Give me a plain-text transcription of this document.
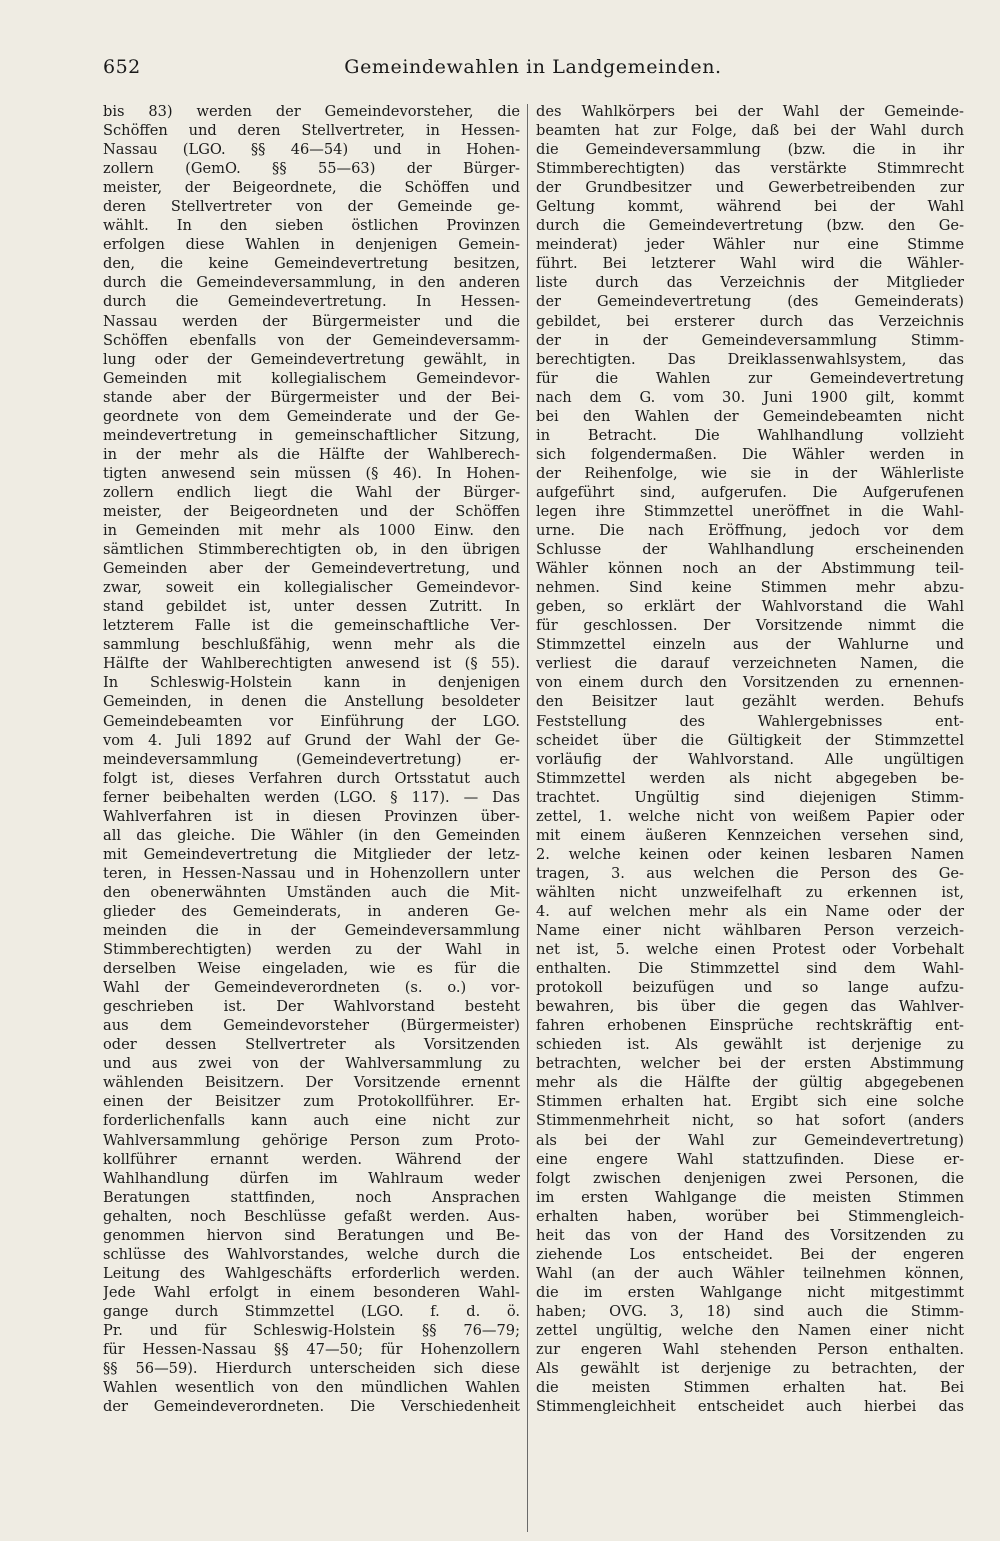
652	Gemeindewahlen in Landgemeinden.
bis 83) werden der Gemeindevorsteher, die
Schöffen und deren Stellvertreter, in Hessen-
Nassau (LGO. §§ 46—54) und in Hohen-
zollern (GemO. §§ 55—63) der Bürger-
meister, der Beigeordnete, die Schöffen und
deren Stellvertreter von der Gemeinde ge-
wählt. In den sieben östlichen Provinzen
erfolgen diese Wahlen in denjenigen Gemein-
den, die keine Gemeindevertretung besitzen,
durch die Gemeindeversammlung, in den anderen
durch die Gemeindevertretung. In Hessen-
Nassau werden der Bürgermeister und die
Schöffen ebenfalls von der Gemeindeversamm-
lung oder der Gemeindevertretung gewählt, in
Gemeinden mit kollegialischem Gemeindevor-
stande aber der Bürgermeister und der Bei-
geordnete von dem Gemeinderate und der Ge-
meindevertretung in gemeinschaftlicher Sitzung,
in der mehr als die Hälfte der Wahlberech-
tigten anwesend sein müssen (§ 46). In Hohen-
zollern endlich liegt die Wahl der Bürger-
meister, der Beigeordneten und der Schöffen
in Gemeinden mit mehr als 1000 Einw. den
sämtlichen Stimmberechtigten ob, in den übrigen
Gemeinden aber der Gemeindevertretung, und
zwar, soweit ein kollegialischer Gemeindevor-
stand gebildet ist, unter dessen Zutritt. In
letzterem Falle ist die gemeinschaftliche Ver-
sammlung beschlußfähig, wenn mehr als die
Hälfte der Wahlberechtigten anwesend ist (§ 55).
In Schleswig-Holstein kann in denjenigen
Gemeinden, in denen die Anstellung besoldeter
Gemeindebeamten vor Einführung der LGO.
vom 4. Juli 1892 auf Grund der Wahl der Ge-
meindeversammlung (Gemeindevertretung) er-
folgt ist, dieses Verfahren durch Ortsstatut auch
ferner beibehalten werden (LGO. § 117). — Das
Wahlverfahren ist in diesen Provinzen über-
all das gleiche. Die Wähler (in den Gemeinden
mit Gemeindevertretung die Mitglieder der letz-
teren, in Hessen-Nassau und in Hohenzollern unter
den obenerwähnten Umständen auch die Mit-
glieder des Gemeinderats, in anderen Ge-
meinden die in der Gemeindeversammlung
Stimmberechtigten) werden zu der Wahl in
derselben Weise eingeladen, wie es für die
Wahl der Gemeindeverordneten (s. o.) vor-
geschrieben ist. Der Wahlvorstand besteht
aus dem Gemeindevorsteher (Bürgermeister)
oder dessen Stellvertreter als Vorsitzenden
und aus zwei von der Wahlversammlung zu
wählenden Beisitzern. Der Vorsitzende ernennt
einen der Beisitzer zum Protokollführer. Er-
forderlichenfalls kann auch eine nicht zur
Wahlversammlung gehörige Person zum Proto-
kollführer ernannt werden. Während der
Wahlhandlung dürfen im Wahlraum weder
Beratungen stattfinden, noch Ansprachen
gehalten, noch Beschlüsse gefaßt werden. Aus-
genommen hiervon sind Beratungen und Be-
schlüsse des Wahlvorstandes, welche durch die
Leitung des Wahlgeschäfts erforderlich werden.
Jede Wahl erfolgt in einem besonderen Wahl-
gange durch Stimmzettel (LGO. f. d. ö.
Pr. und für Schleswig-Holstein §§ 76—79;
für Hessen-Nassau §§ 47—50; für Hohenzollern
§§ 56—59). Hierdurch unterscheiden sich diese
Wahlen wesentlich von den mündlichen Wahlen
der Gemeindeverordneten. Die Verschiedenheit
des Wahlkörpers bei der Wahl der Gemeinde-
beamten hat zur Folge, daß bei der Wahl durch
die Gemeindeversammlung (bzw. die in ihr
Stimmberechtigten) das verstärkte Stimmrecht
der Grundbesitzer und Gewerbetreibenden zur
Geltung kommt, während bei der Wahl
durch die Gemeindevertretung (bzw. den Ge-
meinderat) jeder Wähler nur eine Stimme
führt. Bei letzterer Wahl wird die Wähler-
liste durch das Verzeichnis der Mitglieder
der Gemeindevertretung (des Gemeinderats)
gebildet, bei ersterer durch das Verzeichnis
der in der Gemeindeversammlung Stimm-
berechtigten. Das Dreiklassenwahlsystem, das
für die Wahlen zur Gemeindevertretung
nach dem G. vom 30. Juni 1900 gilt, kommt
bei den Wahlen der Gemeindebeamten nicht
in Betracht. Die Wahlhandlung vollzieht
sich folgendermaßen. Die Wähler werden in
der Reihenfolge, wie sie in der Wählerliste
aufgeführt sind, aufgerufen. Die Aufgerufenen
legen ihre Stimmzettel uneröffnet in die Wahl-
urne. Die nach Eröffnung, jedoch vor dem
Schlusse der Wahlhandlung erscheinenden
Wähler können noch an der Abstimmung teil-
nehmen. Sind keine Stimmen mehr abzu-
geben, so erklärt der Wahlvorstand die Wahl
für geschlossen. Der Vorsitzende nimmt die
Stimmzettel einzeln aus der Wahlurne und
verliest die darauf verzeichneten Namen, die
von einem durch den Vorsitzenden zu ernennen-
den Beisitzer laut gezählt werden. Behufs
Feststellung des Wahlergebnisses ent-
scheidet über die Gültigkeit der Stimmzettel
vorläufig der Wahlvorstand. Alle ungültigen
Stimmzettel werden als nicht abgegeben be-
trachtet. Ungültig sind diejenigen Stimm-
zettel, 1. welche nicht von weißem Papier oder
mit einem äußeren Kennzeichen versehen sind,
2. welche keinen oder keinen lesbaren Namen
tragen, 3. aus welchen die Person des Ge-
wählten nicht unzweifelhaft zu erkennen ist,
4. auf welchen mehr als ein Name oder der
Name einer nicht wählbaren Person verzeich-
net ist, 5. welche einen Protest oder Vorbehalt
enthalten. Die Stimmzettel sind dem Wahl-
protokoll beizufügen und so lange aufzu-
bewahren, bis über die gegen das Wahlver-
fahren erhobenen Einsprüche rechtskräftig ent-
schieden ist. Als gewählt ist derjenige zu
betrachten, welcher bei der ersten Abstimmung
mehr als die Hälfte der gültig abgegebenen
Stimmen erhalten hat. Ergibt sich eine solche
Stimmenmehrheit nicht, so hat sofort (anders
als bei der Wahl zur Gemeindevertretung)
eine engere Wahl stattzufinden. Diese er-
folgt zwischen denjenigen zwei Personen, die
im ersten Wahlgange die meisten Stimmen
erhalten haben, worüber bei Stimmengleich-
heit das von der Hand des Vorsitzenden zu
ziehende Los entscheidet. Bei der engeren
Wahl (an der auch Wähler teilnehmen können,
die im ersten Wahlgange nicht mitgestimmt
haben; OVG. 3, 18) sind auch die Stimm-
zettel ungültig, welche den Namen einer nicht
zur engeren Wahl stehenden Person enthalten.
Als gewählt ist derjenige zu betrachten, der
die meisten Stimmen erhalten hat. Bei
Stimmengleichheit entscheidet auch hierbei das
